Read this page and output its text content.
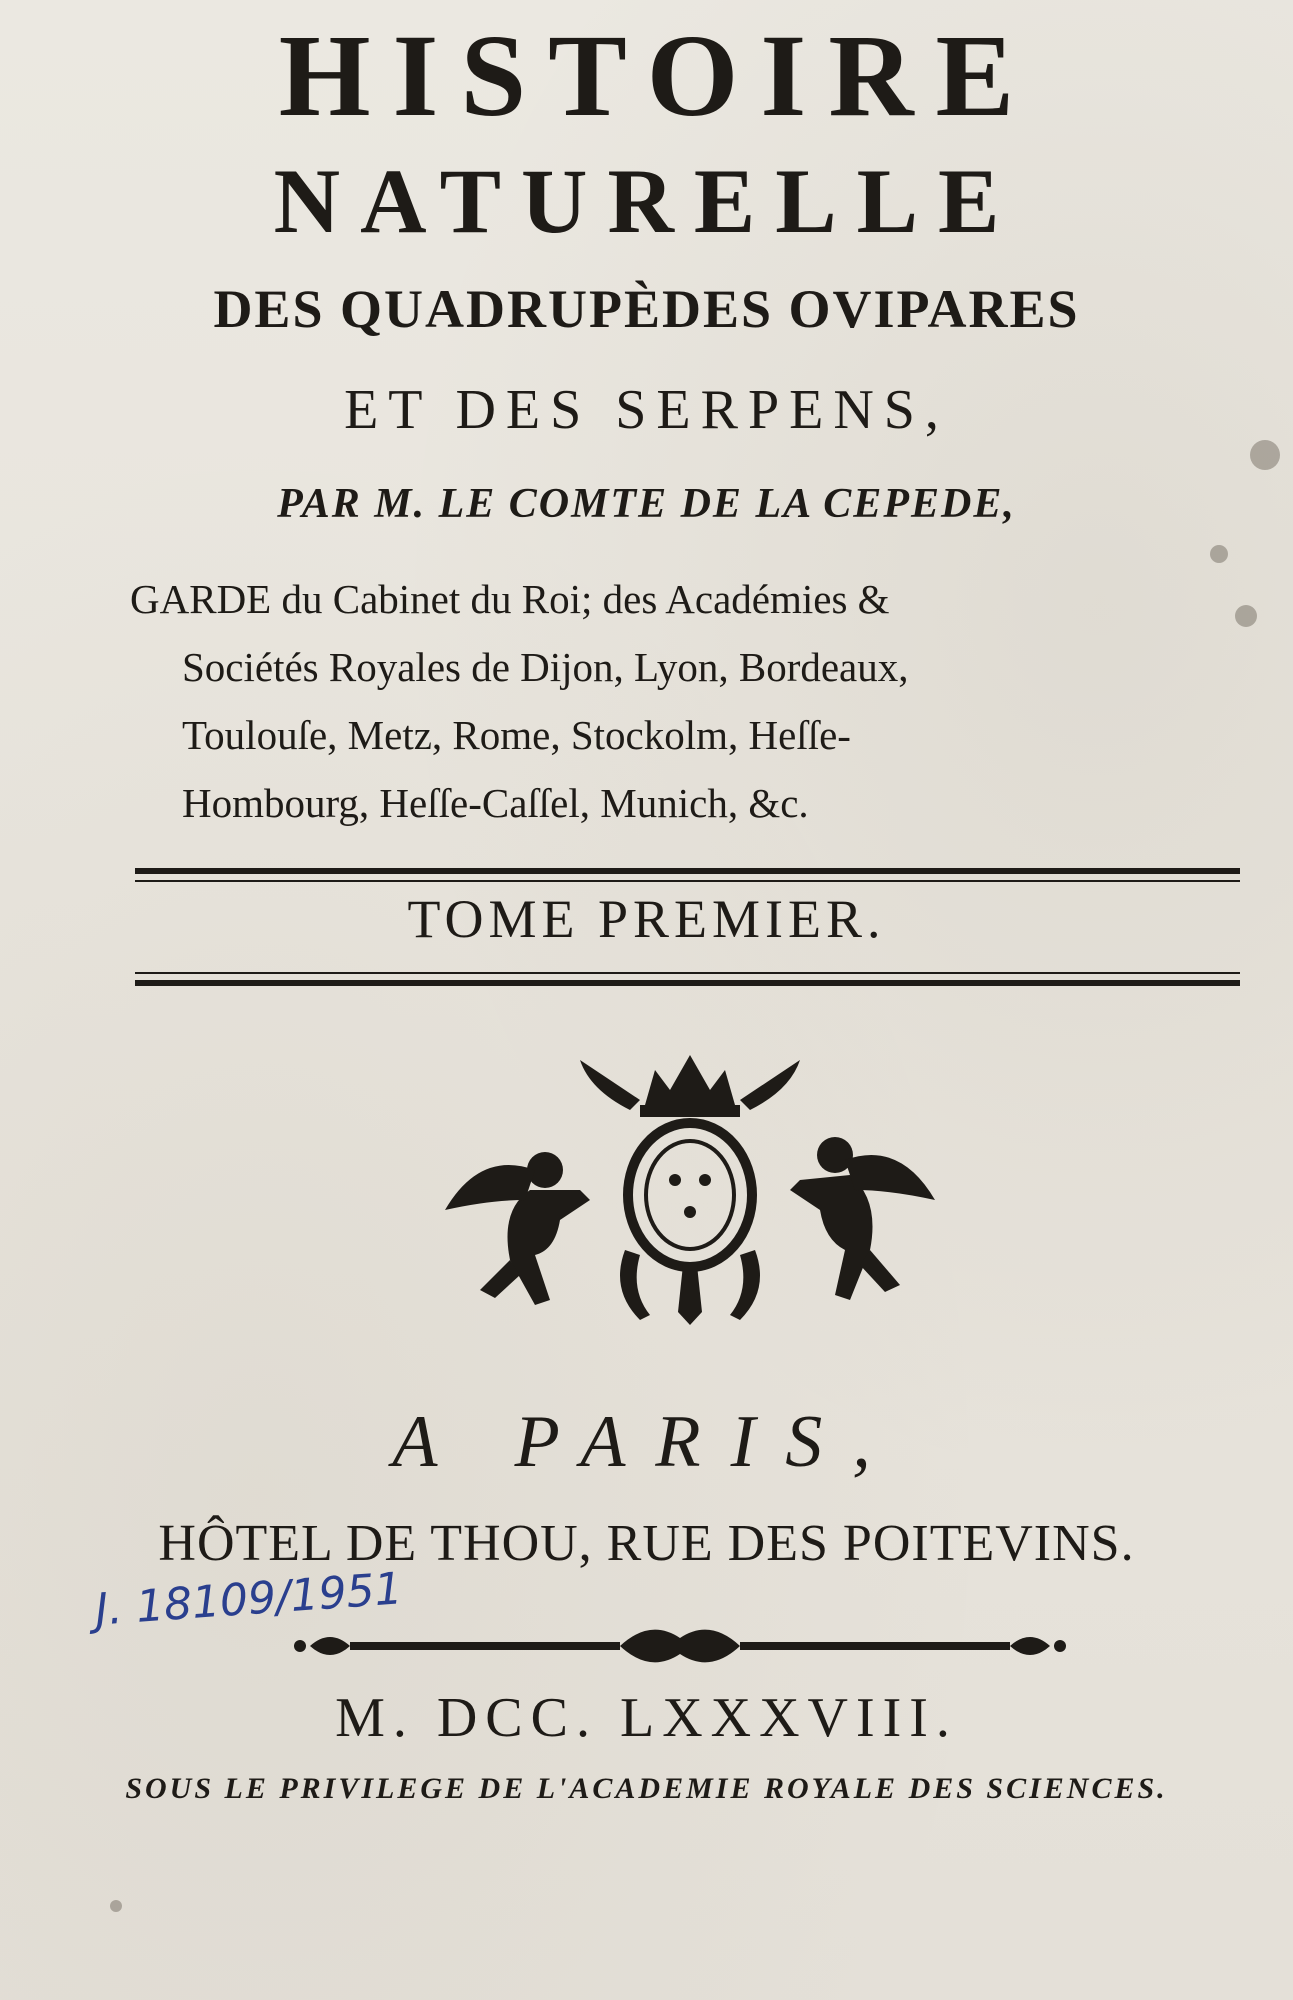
HISTOIRE
NATURELLE
DES QUADRUPÈDES OVIPARES
ET DES SERPENS,
PAR M. LE COMTE DE LA CEPEDE,
GARDE du Cabinet du Roi; des Académies &
Sociétés Royales de Dijon, Lyon, Bordeaux,
Toulouſe, Metz, Rome, Stockolm, Heſſe-
Hombourg, Heſſe-Caſſel, Munich, &c.
TOME PREMIER.
A PARIS,
HÔTEL DE THOU, RUE DES POITEVINS.
J. 18109/1951
M. DCC. LXXXVIII.
SOUS LE PRIVILEGE DE L'ACADEMIE ROYALE DES SCIENCES.
